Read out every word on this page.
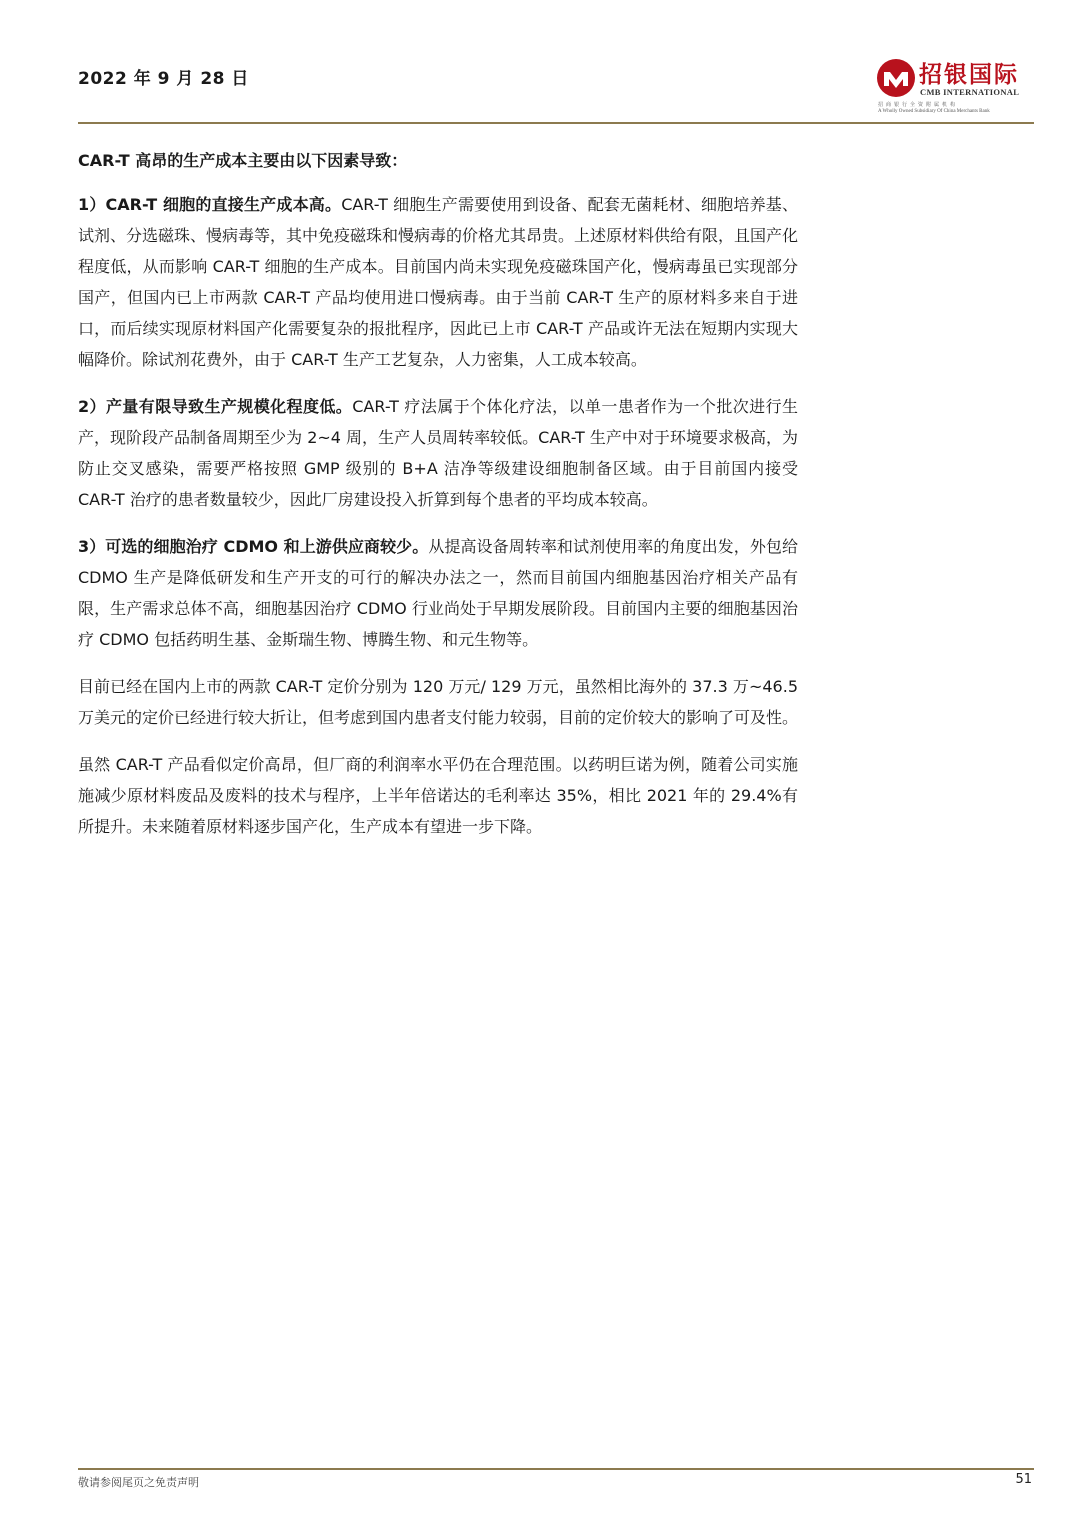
2022 年 9 月 28 日	招银国际
CMB INTERNATIONAL
招商银行全资附属机构
A Wholly Owned Subsidiary Of China Merchants Bank

CAR-T 高昂的生产成本主要由以下因素导致：

1）CAR-T 细胞的直接生产成本高。CAR-T 细胞生产需要使用到设备、配套无菌耗材、细胞培养基、试剂、分选磁珠、慢病毒等，其中免疫磁珠和慢病毒的价格尤其昂贵。上述原材料供给有限，且国产化程度低，从而影响 CAR-T 细胞的生产成本。目前国内尚未实现免疫磁珠国产化，慢病毒虽已实现部分国产，但国内已上市两款 CAR-T 产品均使用进口慢病毒。由于当前 CAR-T 生产的原材料多来自于进口，而后续实现原材料国产化需要复杂的报批程序，因此已上市 CAR-T 产品或许无法在短期内实现大幅降价。除试剂花费外，由于 CAR-T 生产工艺复杂，人力密集，人工成本较高。

2）产量有限导致生产规模化程度低。CAR-T 疗法属于个体化疗法，以单一患者作为一个批次进行生产，现阶段产品制备周期至少为 2~4 周，生产人员周转率较低。CAR-T 生产中对于环境要求极高，为防止交叉感染，需要严格按照 GMP 级别的 B+A 洁净等级建设细胞制备区域。由于目前国内接受 CAR-T 治疗的患者数量较少，因此厂房建设投入折算到每个患者的平均成本较高。

3）可选的细胞治疗 CDMO 和上游供应商较少。从提高设备周转率和试剂使用率的角度出发，外包给 CDMO 生产是降低研发和生产开支的可行的解决办法之一，然而目前国内细胞基因治疗相关产品有限，生产需求总体不高，细胞基因治疗 CDMO 行业尚处于早期发展阶段。目前国内主要的细胞基因治疗 CDMO 包括药明生基、金斯瑞生物、博腾生物、和元生物等。

目前已经在国内上市的两款 CAR-T 定价分别为 120 万元/ 129 万元，虽然相比海外的 37.3 万~46.5 万美元的定价已经进行较大折让，但考虑到国内患者支付能力较弱，目前的定价较大的影响了可及性。

虽然 CAR-T 产品看似定价高昂，但厂商的利润率水平仍在合理范围。以药明巨诺为例，随着公司实施施减少原材料废品及废料的技术与程序，上半年倍诺达的毛利率达 35%，相比 2021 年的 29.4%有所提升。未来随着原材料逐步国产化，生产成本有望进一步下降。

敬请参阅尾页之免责声明	51
